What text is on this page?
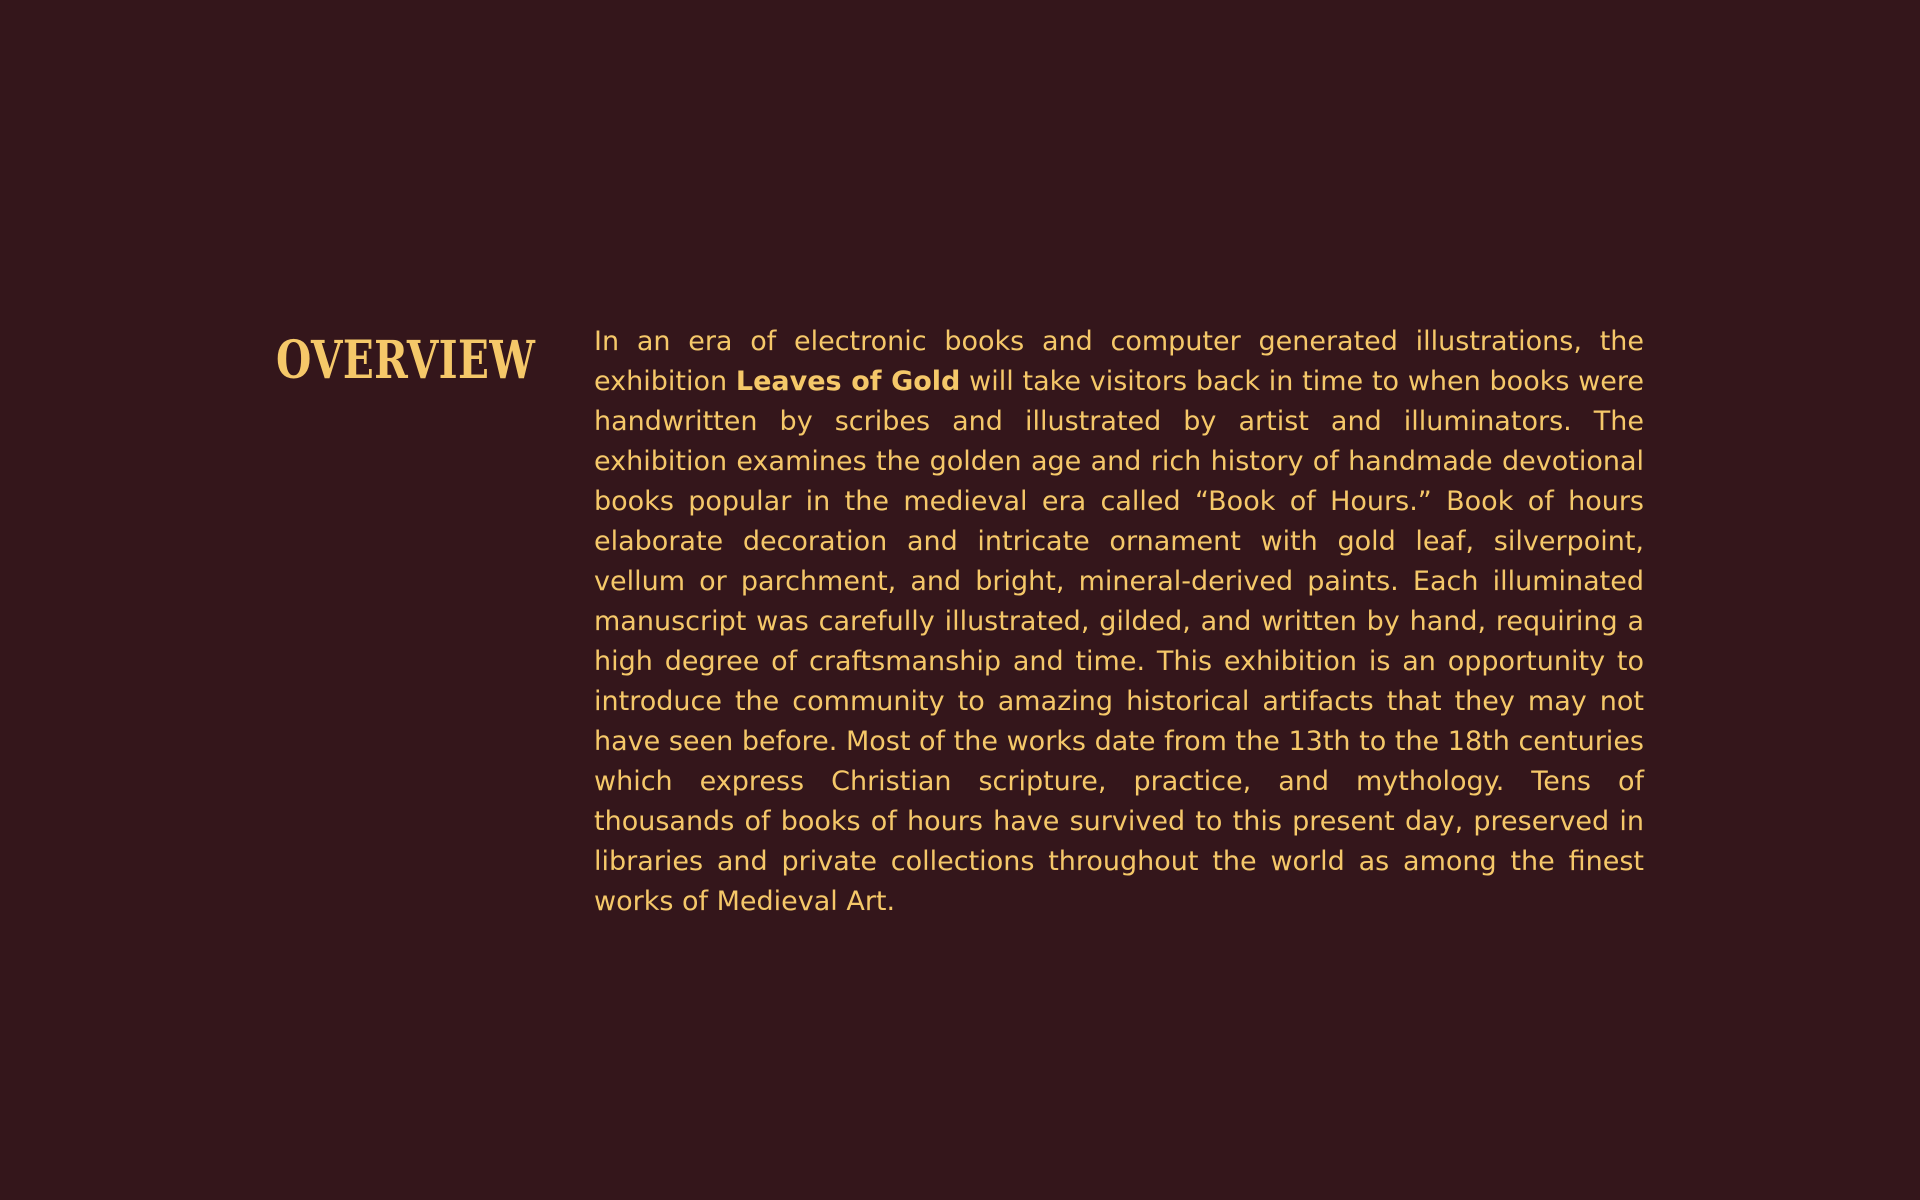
OVERVIEW In an era of electronic books and computer generated illustrations, the exhibition Leaves of Gold will take visitors back in time to when books were handwritten by scribes and illustrated by artist and illuminators. The exhibition examines the golden age and rich history of handmade devotional books popular in the medieval era called “Book of Hours.” Book of hours elaborate decoration and intricate ornament with gold leaf, silverpoint, vellum or parchment, and bright, mineral-derived paints. Each illuminated manuscript was carefully illustrated, gilded, and written by hand, requiring a high degree of craftsmanship and time. This exhibition is an opportunity to introduce the community to amazing historical artifacts that they may not have seen before. Most of the works date from the 13th to the 18th centuries which express Christian scripture, practice, and mythology. Tens of thousands of books of hours have survived to this present day, preserved in libraries and private collections throughout the world as among the finest works of Medieval Art.
